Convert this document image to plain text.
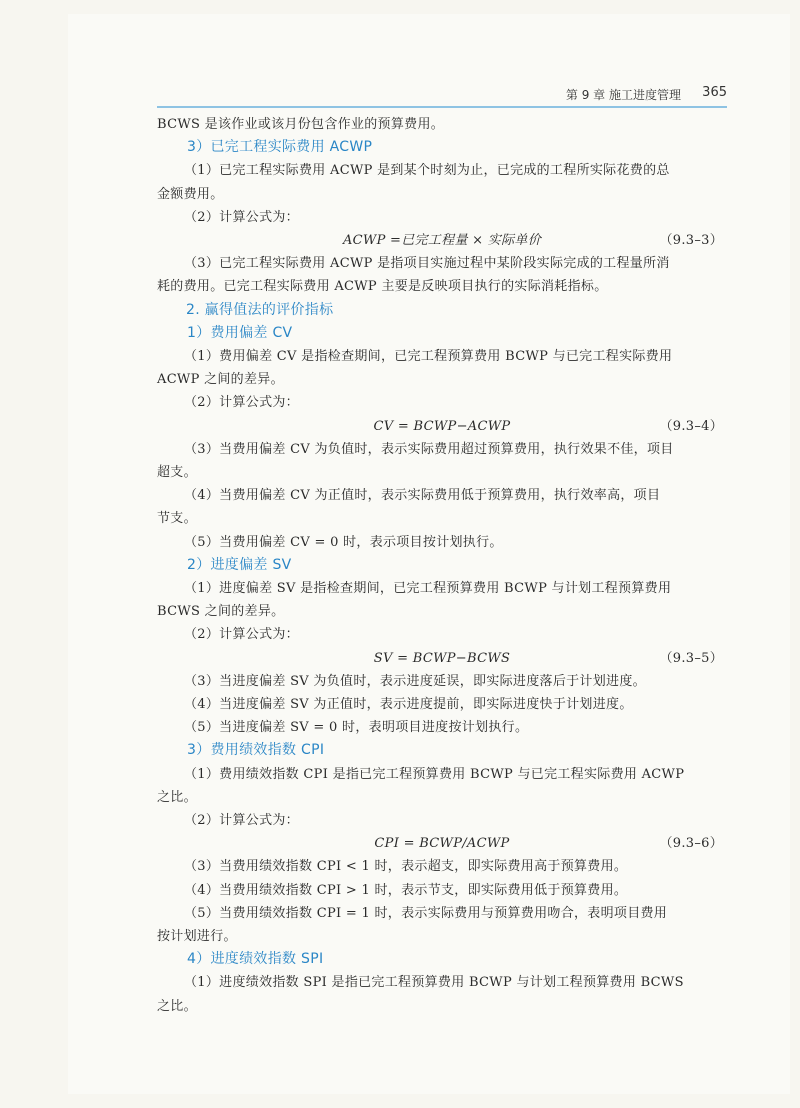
第 9 章 施工进度管理 365

BCWS 是该作业或该月份包含作业的预算费用。

3）已完工程实际费用 ACWP

（1）已完工程实际费用 ACWP 是到某个时刻为止，已完成的工程所实际花费的总

金额费用。

（2）计算公式为：

ACWP =已完工程量 × 实际单价	（9.3–3）

（3）已完工程实际费用 ACWP 是指项目实施过程中某阶段实际完成的工程量所消

耗的费用。已完工程实际费用 ACWP 主要是反映项目执行的实际消耗指标。

2. 赢得值法的评价指标

1）费用偏差 CV

（1）费用偏差 CV 是指检查期间，已完工程预算费用 BCWP 与已完工程实际费用

ACWP 之间的差异。

（2）计算公式为：

CV = BCWP−ACWP	（9.3–4）

（3）当费用偏差 CV 为负值时，表示实际费用超过预算费用，执行效果不佳，项目

超支。

（4）当费用偏差 CV 为正值时，表示实际费用低于预算费用，执行效率高，项目

节支。

（5）当费用偏差 CV = 0 时，表示项目按计划执行。

2）进度偏差 SV

（1）进度偏差 SV 是指检查期间，已完工程预算费用 BCWP 与计划工程预算费用

BCWS 之间的差异。

（2）计算公式为：

SV = BCWP−BCWS	（9.3–5）

（3）当进度偏差 SV 为负值时，表示进度延误，即实际进度落后于计划进度。

（4）当进度偏差 SV 为正值时，表示进度提前，即实际进度快于计划进度。

（5）当进度偏差 SV = 0 时，表明项目进度按计划执行。

3）费用绩效指数 CPI

（1）费用绩效指数 CPI 是指已完工程预算费用 BCWP 与已完工程实际费用 ACWP

之比。

（2）计算公式为：

CPI = BCWP/ACWP	（9.3–6）

（3）当费用绩效指数 CPI < 1 时，表示超支，即实际费用高于预算费用。

（4）当费用绩效指数 CPI > 1 时，表示节支，即实际费用低于预算费用。

（5）当费用绩效指数 CPI = 1 时，表示实际费用与预算费用吻合，表明项目费用

按计划进行。

4）进度绩效指数 SPI

（1）进度绩效指数 SPI 是指已完工程预算费用 BCWP 与计划工程预算费用 BCWS

之比。
